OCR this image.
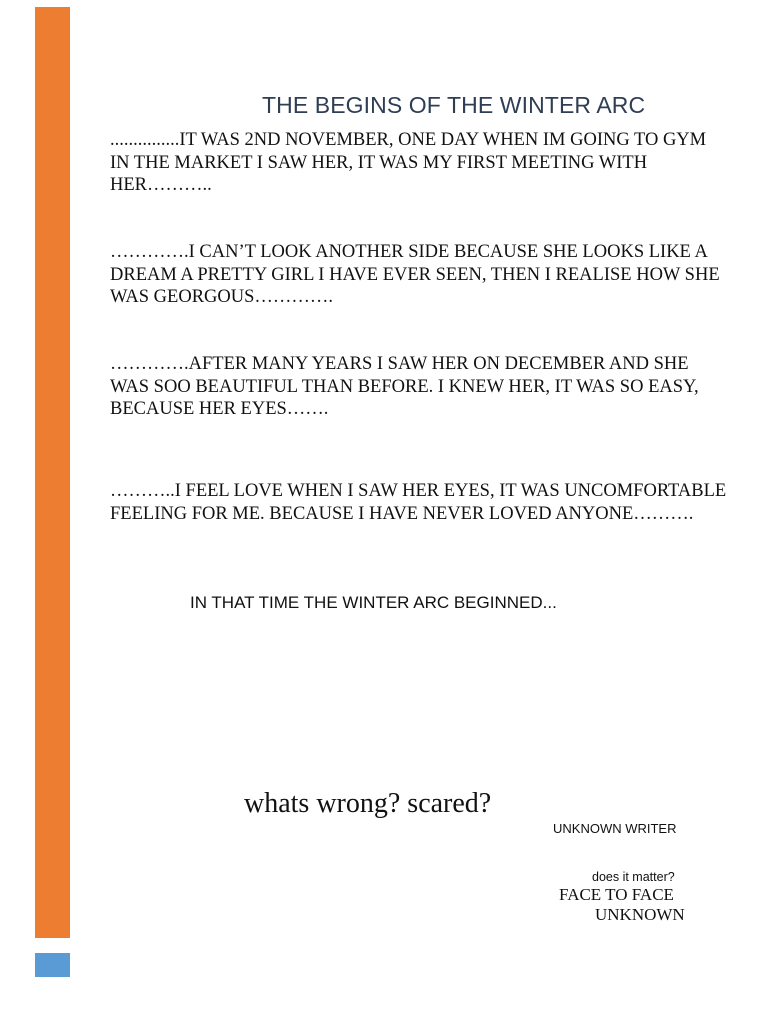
THE BEGINS OF THE WINTER ARC

...............IT WAS 2ND NOVEMBER, ONE DAY WHEN IM GOING TO GYM IN THE MARKET I SAW HER, IT WAS MY FIRST MEETING WITH HER………..

………….I CAN’T LOOK ANOTHER SIDE BECAUSE SHE LOOKS LIKE A DREAM A PRETTY GIRL I HAVE EVER SEEN, THEN I REALISE HOW SHE WAS GEORGOUS………….

………….AFTER MANY YEARS I SAW HER ON DECEMBER AND SHE WAS SOO BEAUTIFUL THAN BEFORE. I KNEW HER, IT WAS SO EASY, BECAUSE HER EYES…….

………..I FEEL LOVE WHEN I SAW HER EYES, IT WAS UNCOMFORTABLE FEELING FOR ME. BECAUSE I HAVE NEVER LOVED ANYONE……….

IN THAT TIME THE WINTER ARC BEGINNED...
whats wrong? scared?
UNKNOWN WRITER
does it matter?
FACE TO FACE
UNKNOWN
